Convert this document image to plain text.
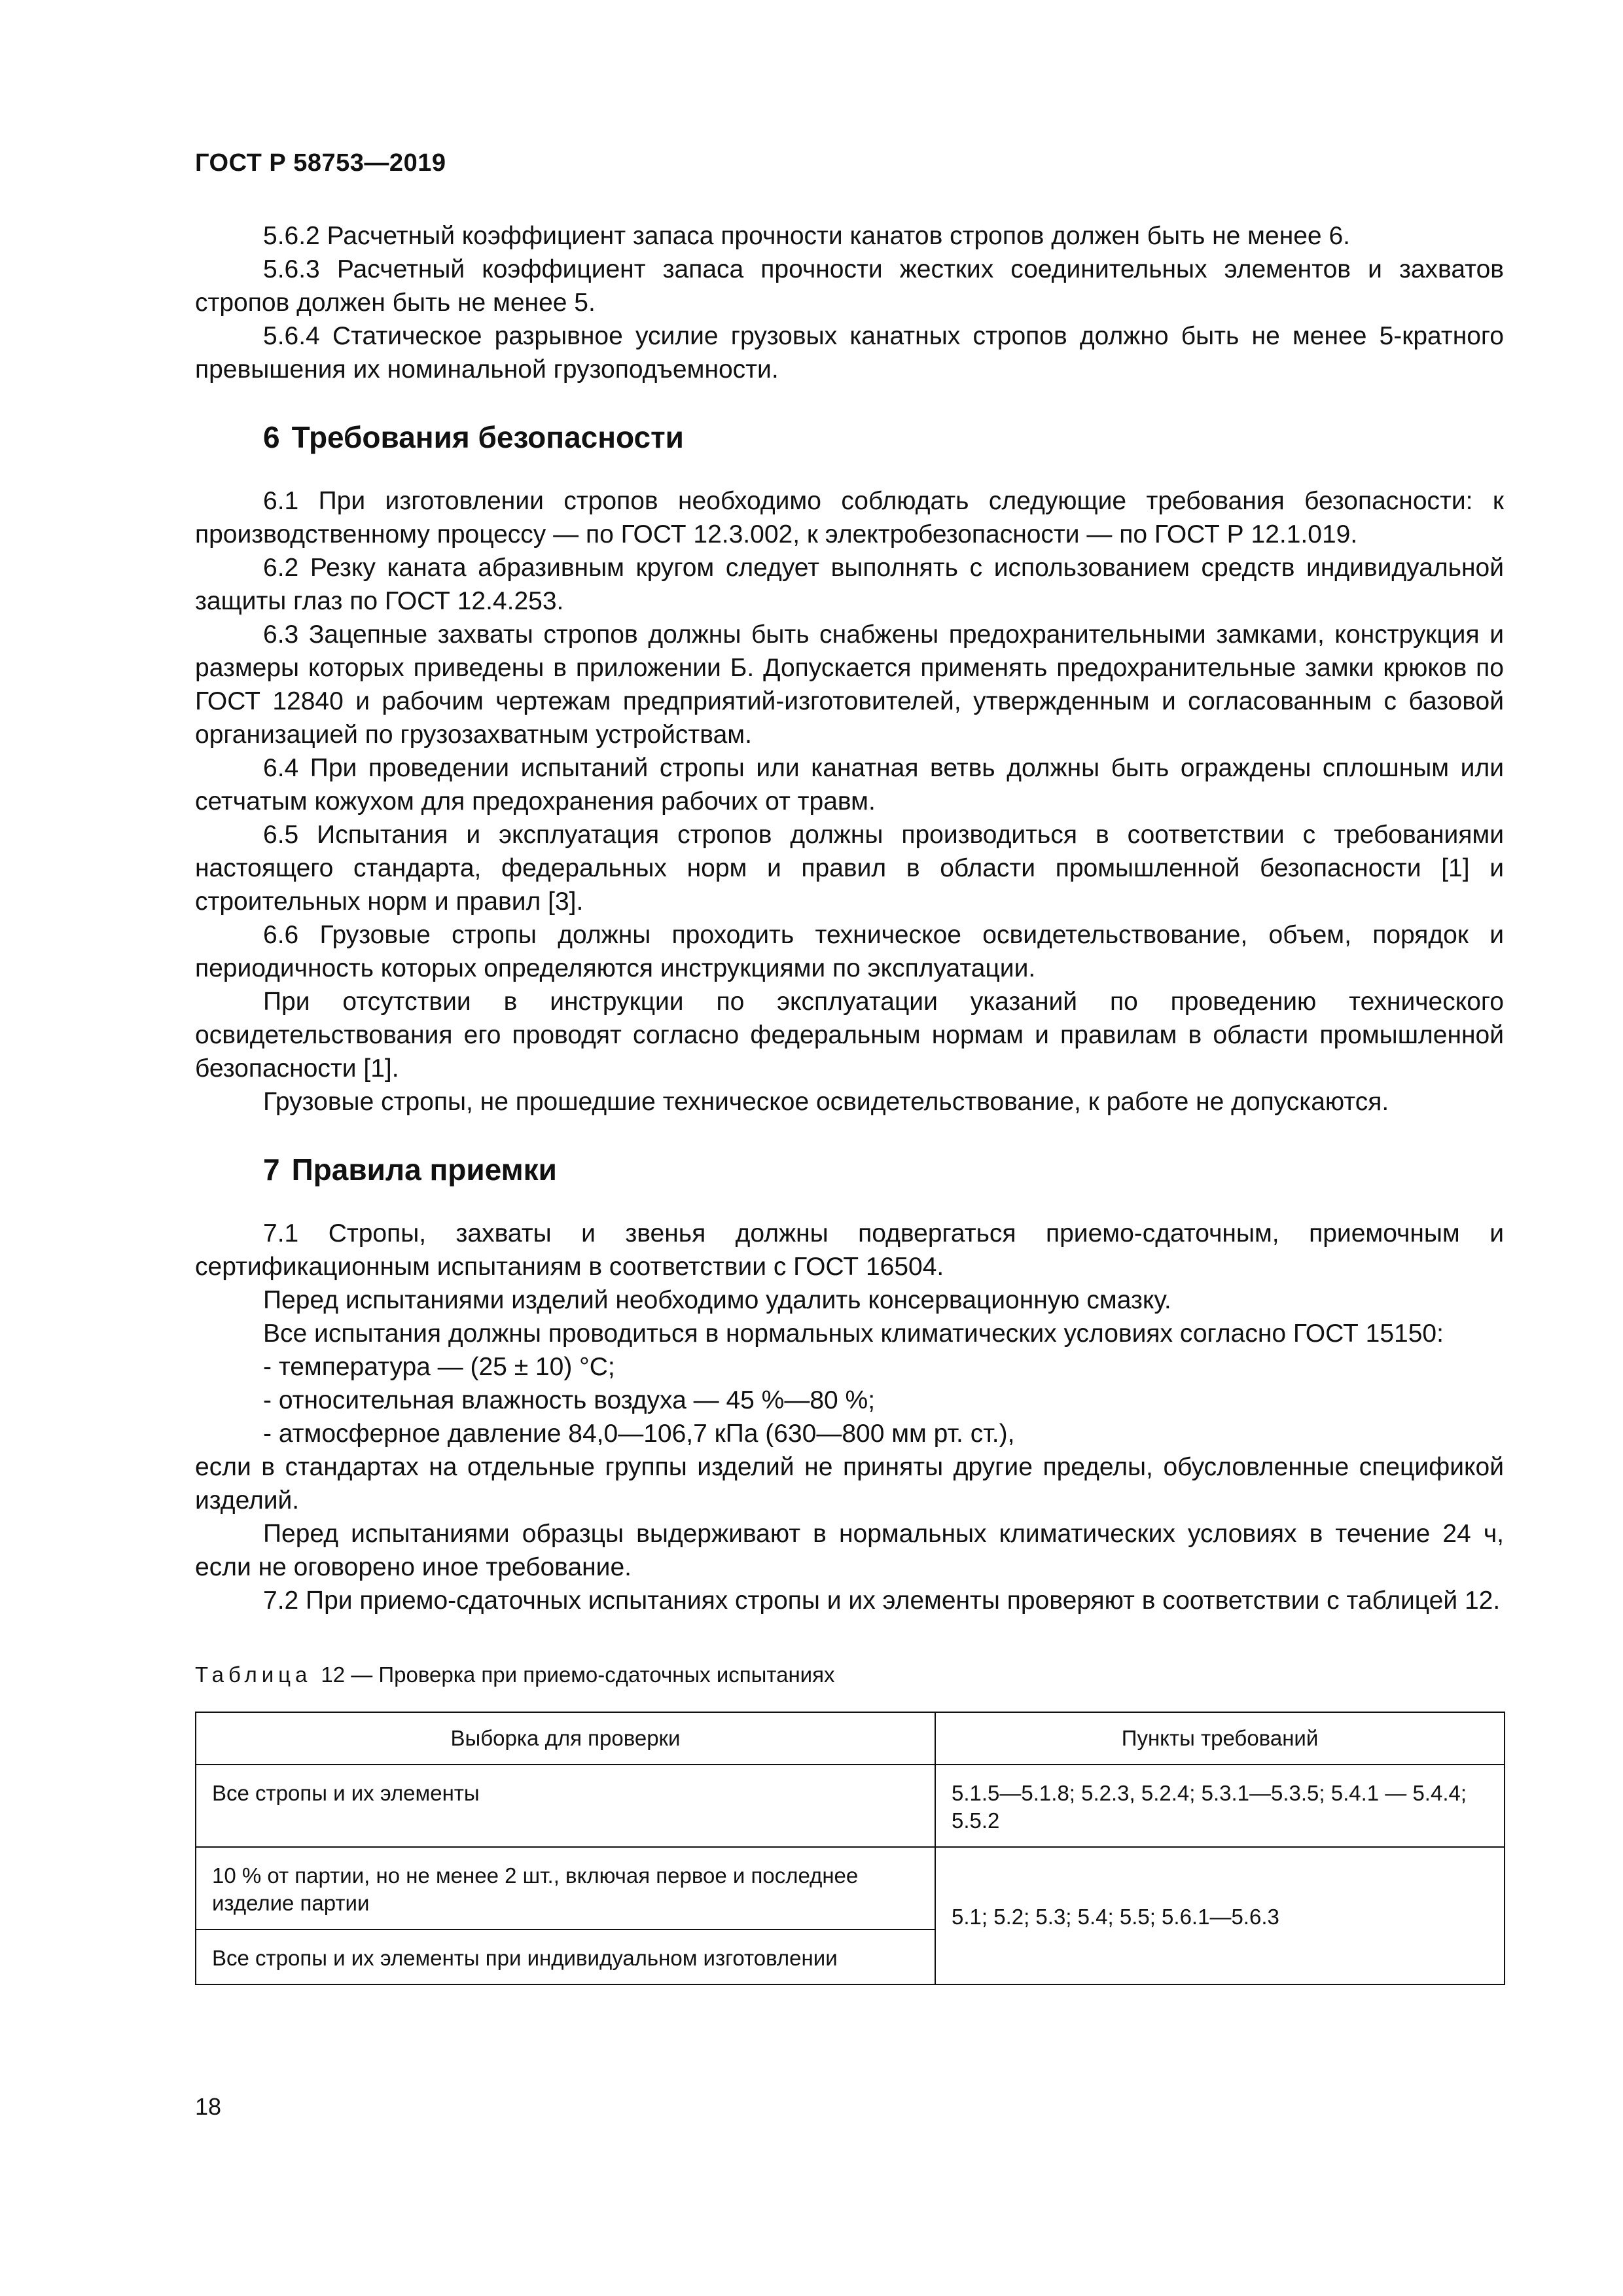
ГОСТ Р 58753—2019

5.6.2 Расчетный коэффициент запаса прочности канатов стропов должен быть не менее 6.

5.6.3 Расчетный коэффициент запаса прочности жестких соединительных элементов и захватов стропов должен быть не менее 5.

5.6.4 Статическое разрывное усилие грузовых канатных стропов должно быть не менее 5-кратного превышения их номинальной грузоподъемности.

6 Требования безопасности

6.1 При изготовлении стропов необходимо соблюдать следующие требования безопасности: к производственному процессу — по ГОСТ 12.3.002, к электробезопасности — по ГОСТ Р 12.1.019.

6.2 Резку каната абразивным кругом следует выполнять с использованием средств индивидуальной защиты глаз по ГОСТ 12.4.253.

6.3 Зацепные захваты стропов должны быть снабжены предохранительными замками, конструкция и размеры которых приведены в приложении Б. Допускается применять предохранительные замки крюков по ГОСТ 12840 и рабочим чертежам предприятий-изготовителей, утвержденным и согласованным с базовой организацией по грузозахватным устройствам.

6.4 При проведении испытаний стропы или канатная ветвь должны быть ограждены сплошным или сетчатым кожухом для предохранения рабочих от травм.

6.5 Испытания и эксплуатация стропов должны производиться в соответствии с требованиями настоящего стандарта, федеральных норм и правил в области промышленной безопасности [1] и строительных норм и правил [3].

6.6 Грузовые стропы должны проходить техническое освидетельствование, объем, порядок и периодичность которых определяются инструкциями по эксплуатации.

При отсутствии в инструкции по эксплуатации указаний по проведению технического освидетельствования его проводят согласно федеральным нормам и правилам в области промышленной безопасности [1].

Грузовые стропы, не прошедшие техническое освидетельствование, к работе не допускаются.

7 Правила приемки

7.1 Стропы, захваты и звенья должны подвергаться приемо-сдаточным, приемочным и сертификационным испытаниям в соответствии с ГОСТ 16504.

Перед испытаниями изделий необходимо удалить консервационную смазку.

Все испытания должны проводиться в нормальных климатических условиях согласно ГОСТ 15150:

- температура — (25 ± 10) °С;

- относительная влажность воздуха — 45 %—80 %;

- атмосферное давление 84,0—106,7 кПа (630—800 мм рт. ст.),

если в стандартах на отдельные группы изделий не приняты другие пределы, обусловленные спецификой изделий.

Перед испытаниями образцы выдерживают в нормальных климатических условиях в течение 24 ч, если не оговорено иное требование.

7.2 При приемо-сдаточных испытаниях стропы и их элементы проверяют в соответствии с таблицей 12.

Таблица 12 — Проверка при приемо-сдаточных испытаниях
Выборка для проверки	Пункты требований
Все стропы и их элементы	5.1.5—5.1.8; 5.2.3, 5.2.4; 5.3.1—5.3.5; 5.4.1 — 5.4.4; 5.5.2
10 % от партии, но не менее 2 шт., включая первое и последнее изделие партии	5.1; 5.2; 5.3; 5.4; 5.5; 5.6.1—5.6.3
Все стропы и их элементы при индивидуальном изготовлении	
18
